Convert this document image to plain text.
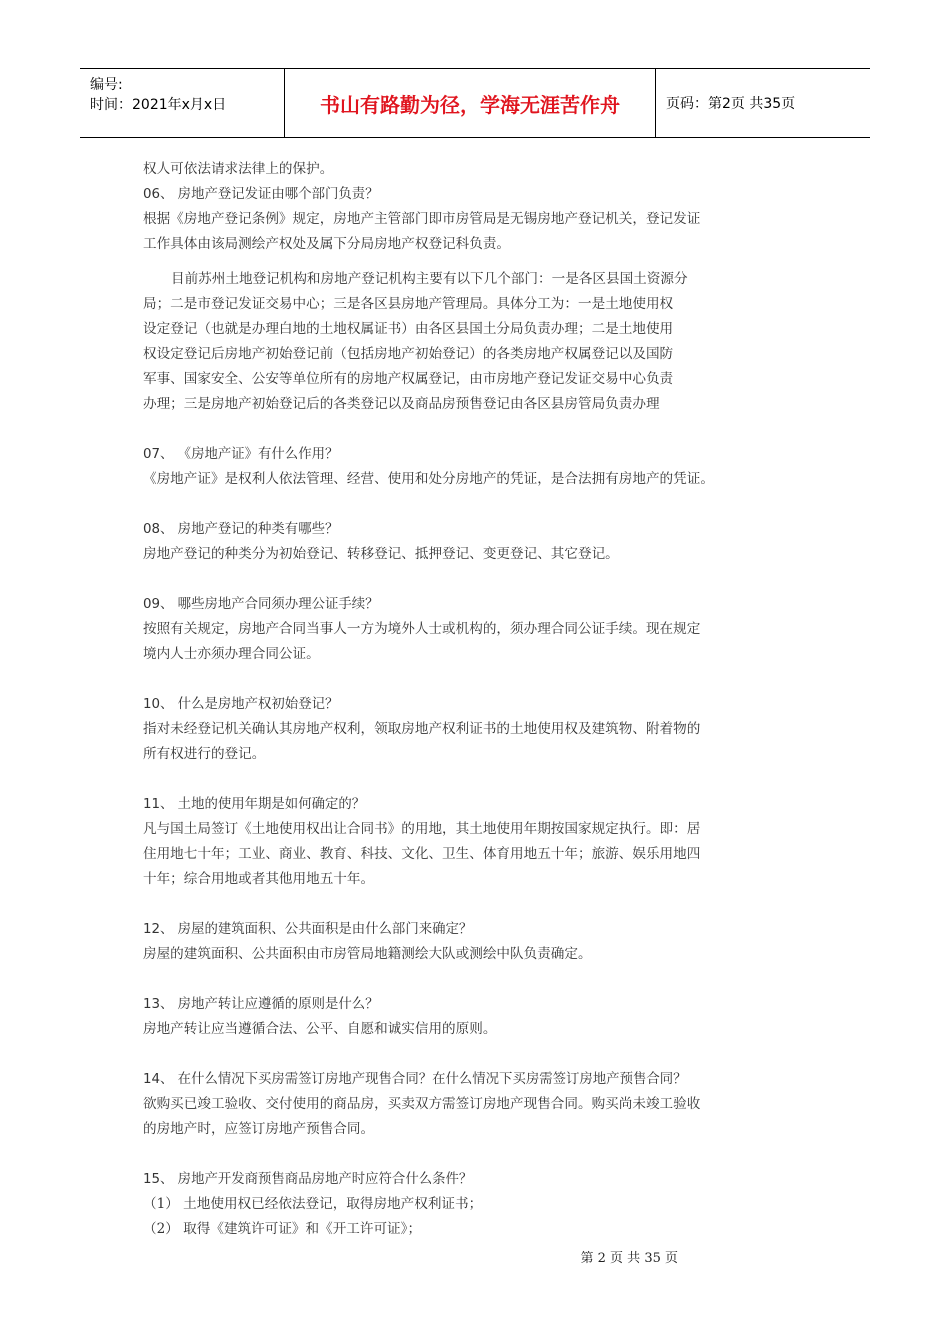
编号:
时间：2021年x月x日	书山有路勤为径，学海无涯苦作舟	页码：第2页 共35页
权人可依法请求法律上的保护。
06、 房地产登记发证由哪个部门负责？
根据《房地产登记条例》规定，房地产主管部门即市房管局是无锡房地产登记机关，登记发证
工作具体由该局测绘产权处及属下分局房地产权登记科负责。
目前苏州土地登记机构和房地产登记机构主要有以下几个部门：一是各区县国土资源分
局；二是市登记发证交易中心；三是各区县房地产管理局。具体分工为：一是土地使用权
设定登记（也就是办理白地的土地权属证书）由各区县国土分局负责办理；二是土地使用
权设定登记后房地产初始登记前（包括房地产初始登记）的各类房地产权属登记以及国防
军事、国家安全、公安等单位所有的房地产权属登记，由市房地产登记发证交易中心负责
办理；三是房地产初始登记后的各类登记以及商品房预售登记由各区县房管局负责办理
07、 《房地产证》有什么作用？
《房地产证》是权利人依法管理、经营、使用和处分房地产的凭证，是合法拥有房地产的凭证。
08、 房地产登记的种类有哪些？
房地产登记的种类分为初始登记、转移登记、抵押登记、变更登记、其它登记。
09、 哪些房地产合同须办理公证手续？
按照有关规定，房地产合同当事人一方为境外人士或机构的，须办理合同公证手续。现在规定
境内人士亦须办理合同公证。
10、 什么是房地产权初始登记？
指对未经登记机关确认其房地产权利，领取房地产权利证书的土地使用权及建筑物、附着物的
所有权进行的登记。
11、 土地的使用年期是如何确定的？
凡与国土局签订《土地使用权出让合同书》的用地，其土地使用年期按国家规定执行。即：居
住用地七十年；工业、商业、教育、科技、文化、卫生、体育用地五十年；旅游、娱乐用地四
十年；综合用地或者其他用地五十年。
12、 房屋的建筑面积、公共面积是由什么部门来确定？
房屋的建筑面积、公共面积由市房管局地籍测绘大队或测绘中队负责确定。
13、 房地产转让应遵循的原则是什么？
房地产转让应当遵循合法、公平、自愿和诚实信用的原则。
14、 在什么情况下买房需签订房地产现售合同？在什么情况下买房需签订房地产预售合同？
欲购买已竣工验收、交付使用的商品房，买卖双方需签订房地产现售合同。购买尚未竣工验收
的房地产时，应签订房地产预售合同。
15、 房地产开发商预售商品房地产时应符合什么条件？
（1） 土地使用权已经依法登记，取得房地产权利证书；
（2） 取得《建筑许可证》和《开工许可证》；
第 2 页 共 35 页
